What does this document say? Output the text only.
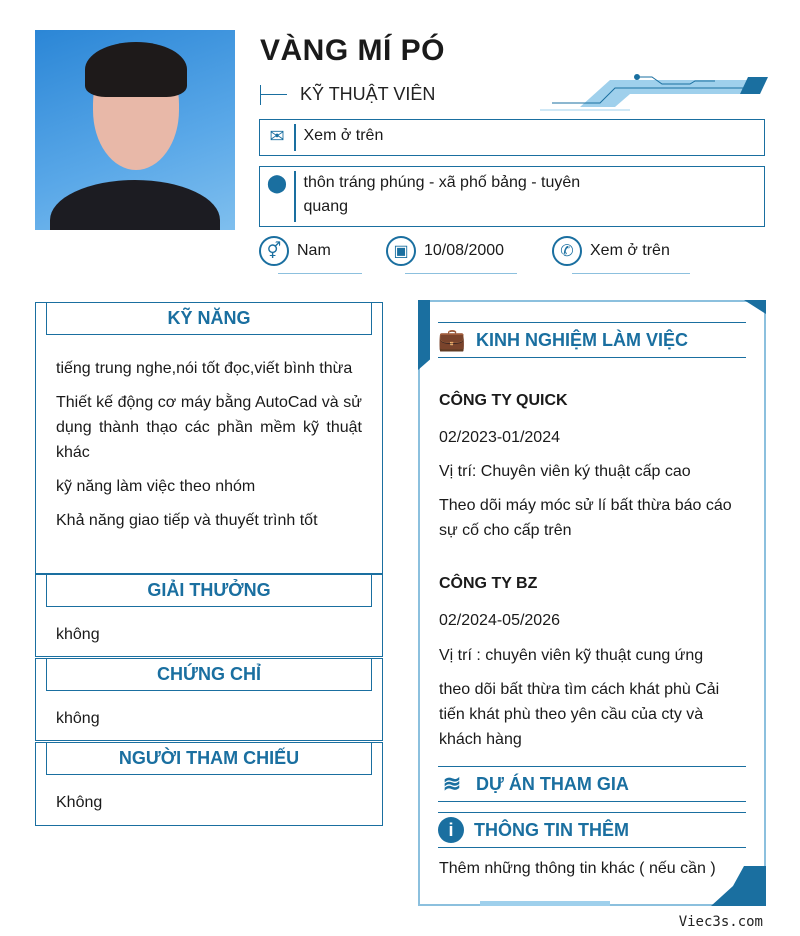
VÀNG MÍ PÓ
KỸ THUẬT VIÊN
✉	Xem ở trên
⬤	thôn tráng phúng - xã phố bảng - tuyên quang
⚥ Nam	▣ 10/08/2000	✆	Xem ở trên
KỸ NĂNG
tiếng trung nghe,nói tốt đọc,viết bình thừa
Thiết kế động cơ máy bằng AutoCad và sử dụng thành thạo các phần mềm kỹ thuật khác
kỹ năng làm việc theo nhóm
Khả năng giao tiếp và thuyết trình tốt
GIẢI THƯỞNG
không
CHỨNG CHỈ
không
NGƯỜI THAM CHIẾU
Không
💼 KINH NGHIỆM LÀM VIỆC
CÔNG TY QUICK
02/2023-01/2024
Vị trí: Chuyên viên ký thuật cấp cao
Theo dõi máy móc sử lí bất thừa báo cáo sự cố cho cấp trên
CÔNG TY BZ
02/2024-05/2026
Vị trí : chuyên viên kỹ thuật cung ứng
theo dõi bất thừa tìm cách khát phù Cải tiến khát phù theo yên cầu của cty và khách hàng
≋ DỰ ÁN THAM GIA
i	THÔNG TIN THÊM
Thêm những thông tin khác ( nếu cần )
Viec3s.com
